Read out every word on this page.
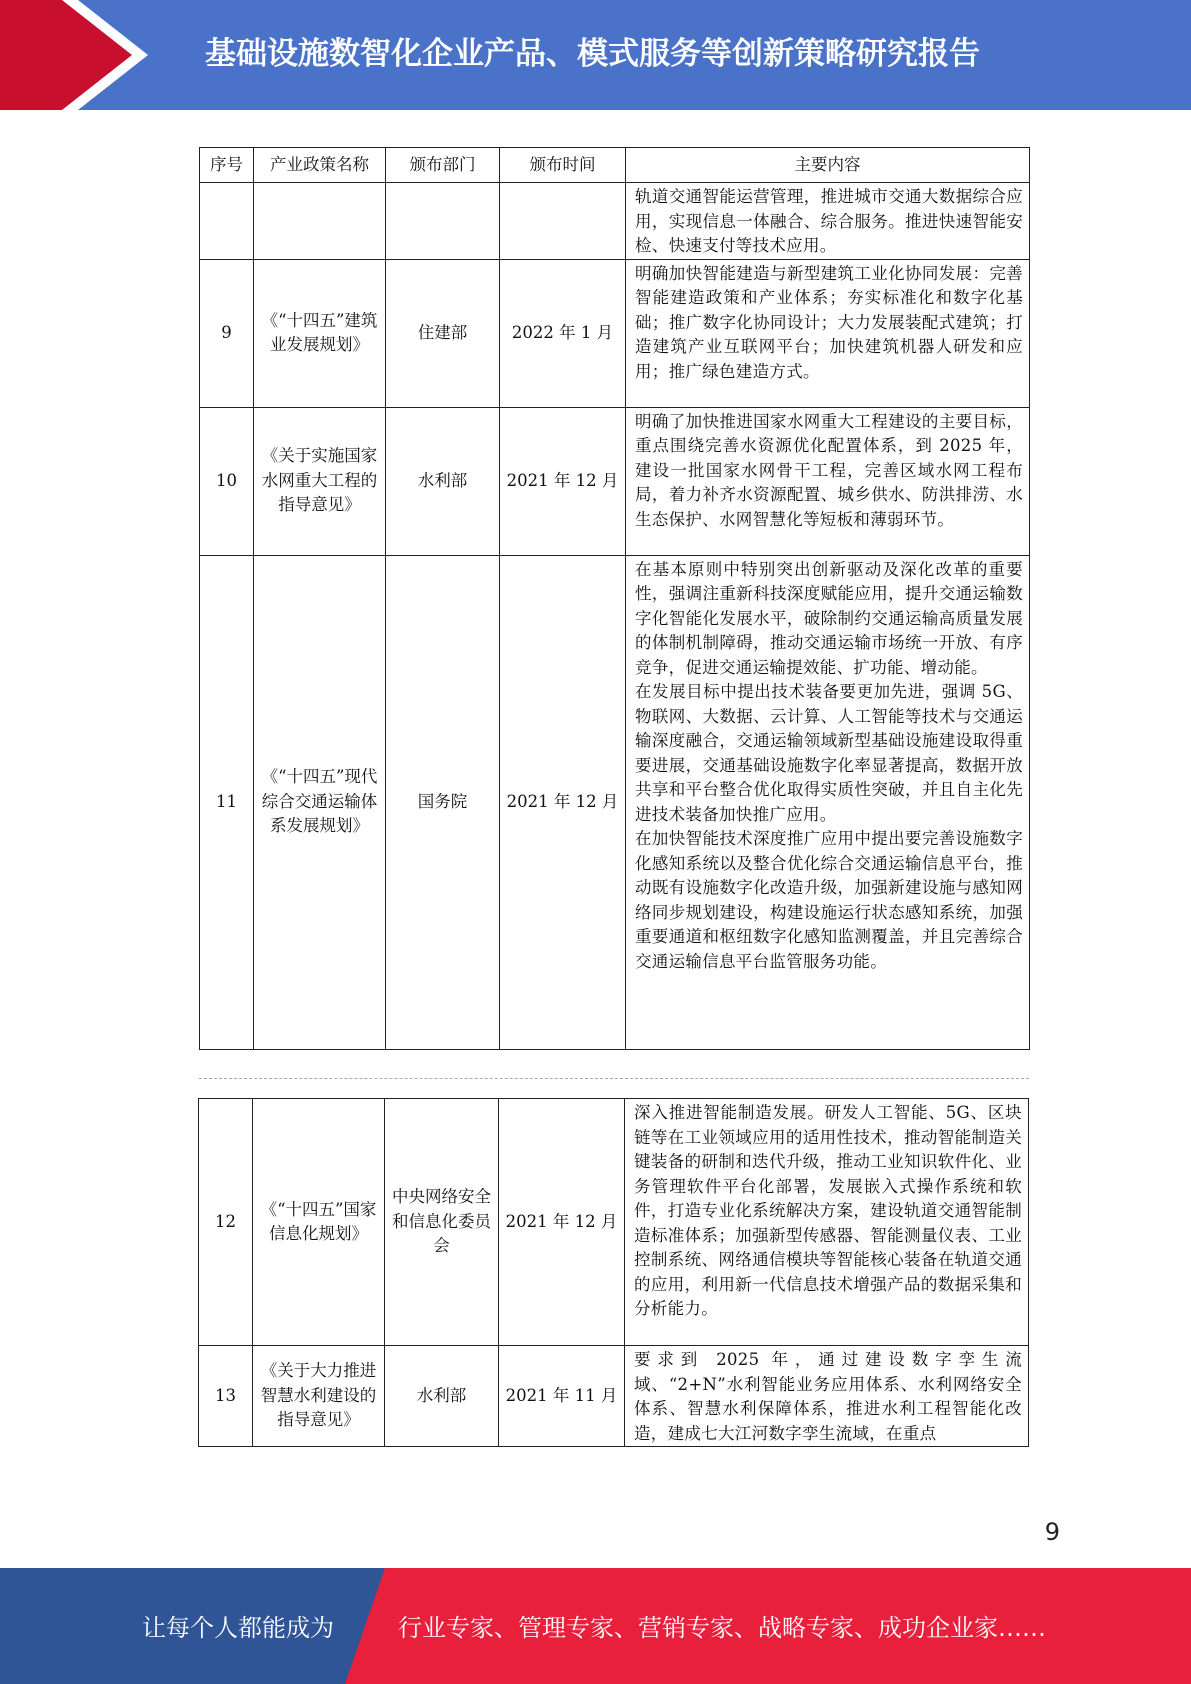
基础设施数智化企业产品、模式服务等创新策略研究报告
序号	产业政策名称	颁布部门	颁布时间	主要内容

				轨道交通智能运营管理，推进城市交通大数据综合应用，实现信息一体融合、综合服务。推进快速智能安检、快速支付等技术应用。

9	《“十四五”建筑业发展规划》	住建部	2022 年 1 月	明确加快智能建造与新型建筑工业化协同发展：完善智能建造政策和产业体系；夯实标准化和数字化基础；推广数字化协同设计；大力发展装配式建筑；打造建筑产业互联网平台；加快建筑机器人研发和应用；推广绿色建造方式。

10	《关于实施国家水网重大工程的指导意见》	水利部	2021 年 12 月	明确了加快推进国家水网重大工程建设的主要目标，重点围绕完善水资源优化配置体系，到 2025 年，建设一批国家水网骨干工程，完善区域水网工程布局，着力补齐水资源配置、城乡供水、防洪排涝、水生态保护、水网智慧化等短板和薄弱环节。

11	《“十四五”现代综合交通运输体系发展规划》	国务院	2021 年 12 月	在基本原则中特别突出创新驱动及深化改革的重要性，强调注重新科技深度赋能应用，提升交通运输数字化智能化发展水平，破除制约交通运输高质量发展的体制机制障碍，推动交通运输市场统一开放、有序竞争，促进交通运输提效能、扩功能、增动能。

在发展目标中提出技术装备要更加先进，强调 5G、物联网、大数据、云计算、人工智能等技术与交通运输深度融合，交通运输领域新型基础设施建设取得重要进展，交通基础设施数字化率显著提高，数据开放共享和平台整合优化取得实质性突破，并且自主化先进技术装备加快推广应用。

在加快智能技术深度推广应用中提出要完善设施数字化感知系统以及整合优化综合交通运输信息平台，推动既有设施数字化改造升级，加强新建设施与感知网络同步规划建设，构建设施运行状态感知系统，加强重要通道和枢纽数字化感知监测覆盖，并且完善综合交通运输信息平台监管服务功能。

12	《“十四五”国家信息化规划》	中央网络安全和信息化委员会	2021 年 12 月	深入推进智能制造发展。研发人工智能、5G、区块链等在工业领域应用的适用性技术，推动智能制造关键装备的研制和迭代升级，推动工业知识软件化、业务管理软件平台化部署，发展嵌入式操作系统和软件，打造专业化系统解决方案，建设轨道交通智能制造标准体系；加强新型传感器、智能测量仪表、工业控制系统、网络通信模块等智能核心装备在轨道交通的应用，利用新一代信息技术增强产品的数据采集和分析能力。

13	《关于大力推进智慧水利建设的指导意见》	水利部	2021 年 11 月	要求到 2025 年，通过建设数字孪生流域、“2+N”水利智能业务应用体系、水利网络安全体系、智慧水利保障体系，推进水利工程智能化改造，建成七大江河数字孪生流域，在重点

9
让每个人都能成为	行业专家、管理专家、营销专家、战略专家、成功企业家……
